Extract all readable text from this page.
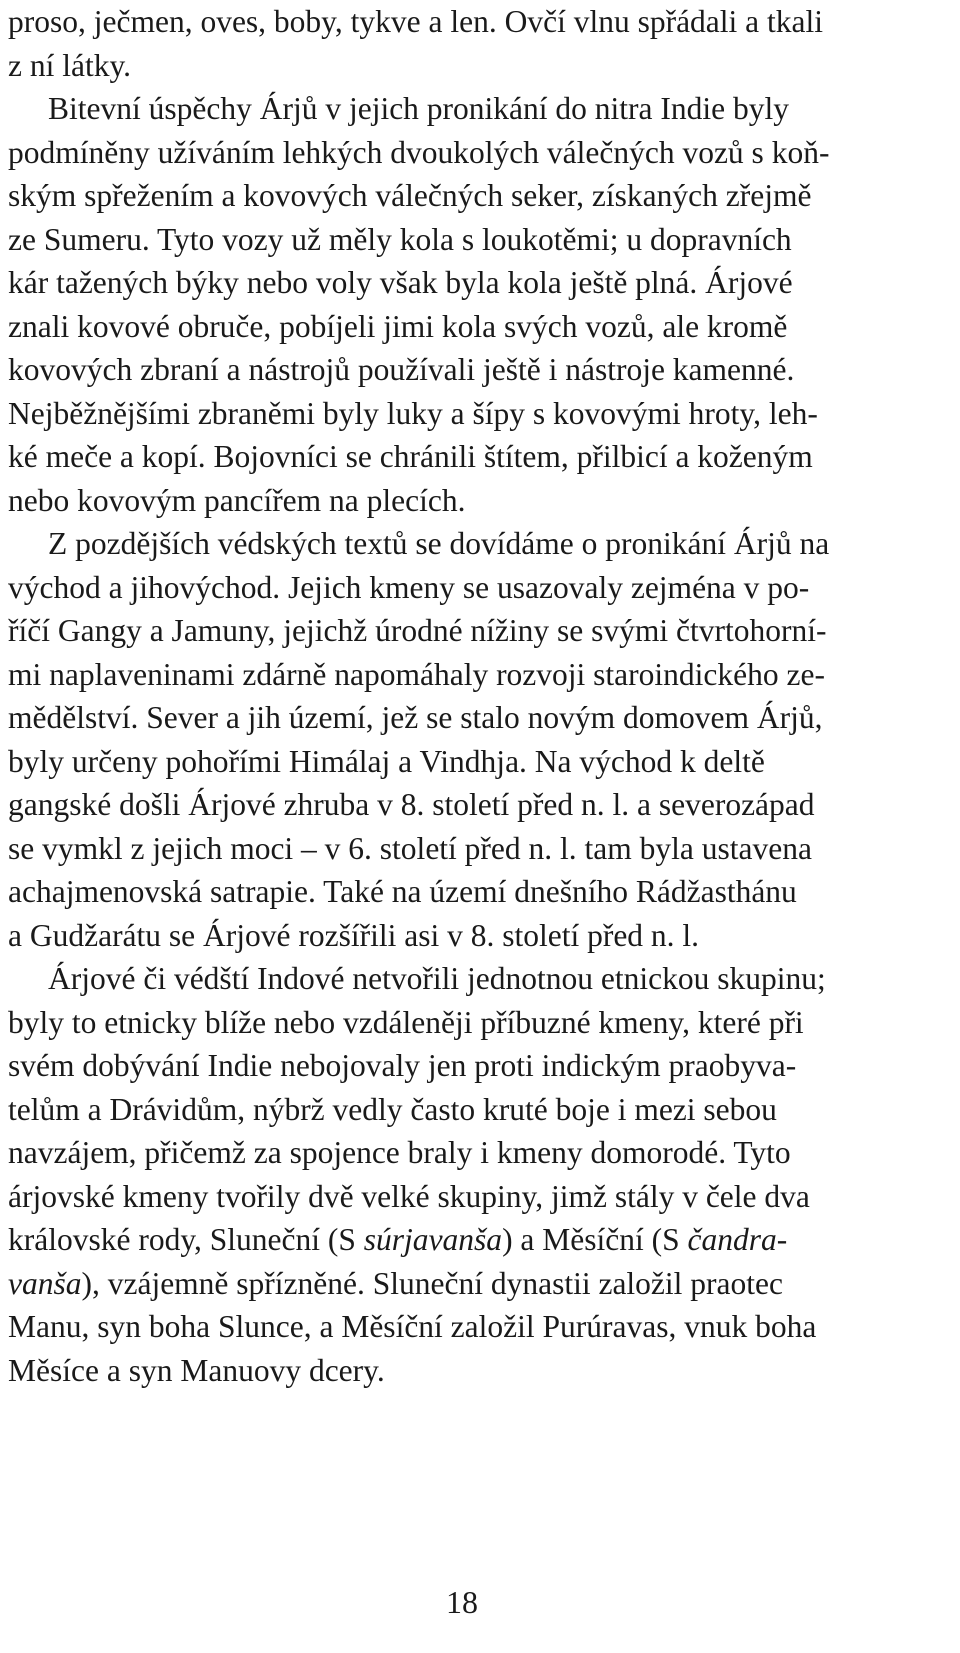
proso, ječmen, oves, boby, tykve a len. Ovčí vlnu spřádali a tkali
z ní látky.

Bitevní úspěchy Árjů v jejich pronikání do nitra Indie byly
podmíněny užíváním lehkých dvoukolých válečných vozů s koň-
ským spřežením a kovových válečných seker, získaných zřejmě
ze Sumeru. Tyto vozy už měly kola s loukotěmi; u dopravních
kár tažených býky nebo voly však byla kola ještě plná. Árjové
znali kovové obruče, pobíjeli jimi kola svých vozů, ale kromě
kovových zbraní a nástrojů používali ještě i nástroje kamenné.
Nejběžnějšími zbraněmi byly luky a šípy s kovovými hroty, leh-
ké meče a kopí. Bojovníci se chránili štítem, přilbicí a koženým
nebo kovovým pancířem na plecích.

Z pozdějších védských textů se dovídáme o pronikání Árjů na
východ a jihovýchod. Jejich kmeny se usazovaly zejména v po-
říčí Gangy a Jamuny, jejichž úrodné nížiny se svými čtvrtohorní-
mi naplaveninami zdárně napomáhaly rozvoji staroindického ze-
mědělství. Sever a jih území, jež se stalo novým domovem Árjů,
byly určeny pohořími Himálaj a Vindhja. Na východ k deltě
gangské došli Árjové zhruba v 8. století před n. l. a severozápad
se vymkl z jejich moci – v 6. století před n. l. tam byla ustavena
achajmenovská satrapie. Také na území dnešního Rádžasthánu
a Gudžarátu se Árjové rozšířili asi v 8. století před n. l.

Árjové či védští Indové netvořili jednotnou etnickou skupinu;
byly to etnicky blíže nebo vzdáleněji příbuzné kmeny, které při
svém dobývání Indie nebojovaly jen proti indickým praobyva-
telům a Drávidům, nýbrž vedly často kruté boje i mezi sebou
navzájem, přičemž za spojence braly i kmeny domorodé. Tyto
árjovské kmeny tvořily dvě velké skupiny, jimž stály v čele dva
královské rody, Sluneční (S súrjavanša) a Měsíční (S čandra-
vanša), vzájemně spřízněné. Sluneční dynastii založil praotec
Manu, syn boha Slunce, a Měsíční založil Purúravas, vnuk boha
Měsíce a syn Manuovy dcery.

18
